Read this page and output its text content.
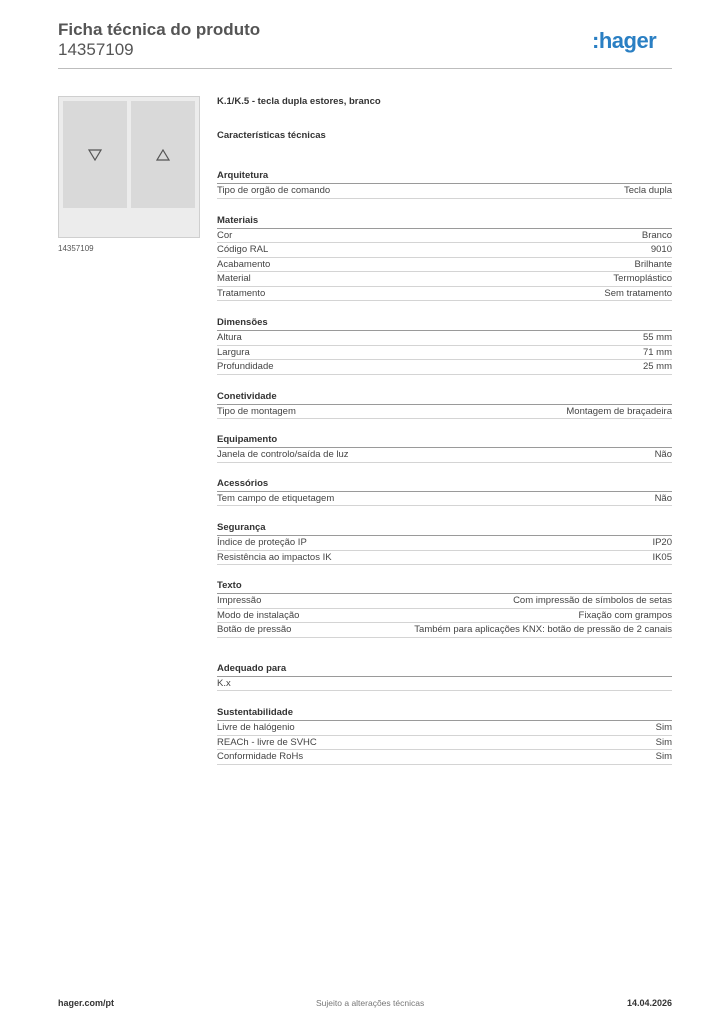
Ficha técnica do produto
14357109	:hager
14357109
K.1/K.5 - tecla dupla estores, branco
Características técnicas
Arquitetura
Tipo de orgão de comando	Tecla dupla
Materiais
Cor	Branco
Código RAL	9010
Acabamento	Brilhante
Material	Termoplástico
Tratamento	Sem tratamento
Dimensões
Altura	55 mm
Largura	71 mm
Profundidade	25 mm
Conetividade
Tipo de montagem	Montagem de braçadeira
Equipamento
Janela de controlo/saída de luz	Não
Acessórios
Tem campo de etiquetagem	Não
Segurança
Índice de proteção IP	IP20
Resistência ao impactos IK	IK05
Texto
Impressão	Com impressão de símbolos de setas
Modo de instalação	Fixação com grampos
Botão de pressão	Também para aplicações KNX: botão de pressão de 2 canais
Adequado para
K.x
Sustentabilidade
Livre de halógenio	Sim
REACh - livre de SVHC	Sim
Conformidade RoHs	Sim
hager.com/pt	Sujeito a alterações técnicas	14.04.2026
